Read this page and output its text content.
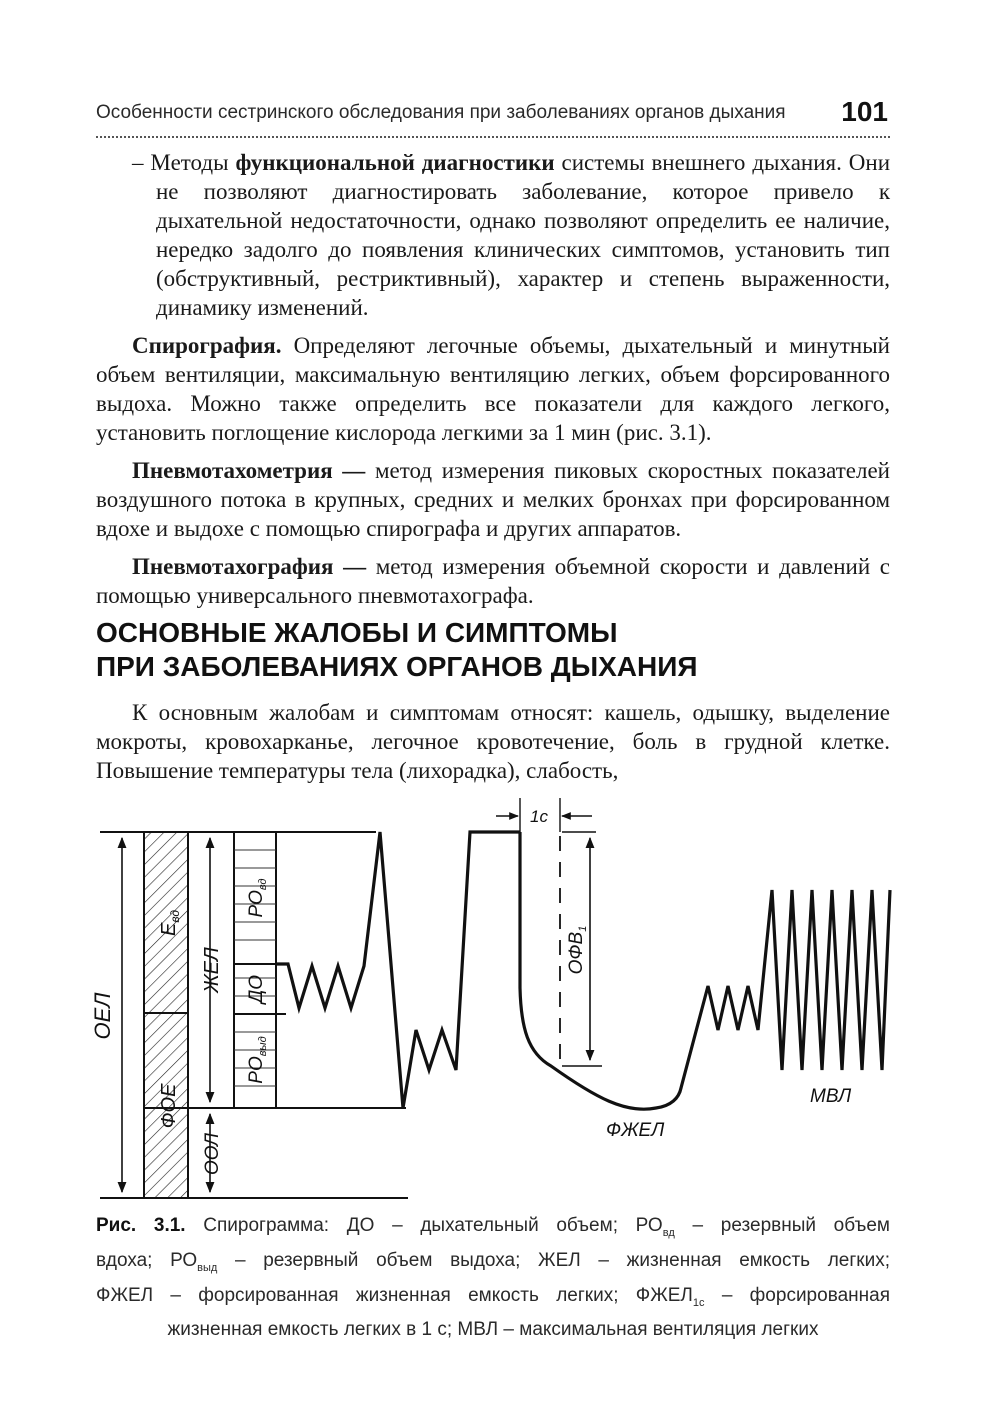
Особенности сестринского обследования при заболеваниях органов дыхания 101

– Методы функциональной диагностики системы внешнего дыхания. Они не позволяют диагностировать заболевание, которое привело к дыхательной недостаточности, однако позволяют определить ее наличие, нередко задолго до появления клинических симптомов, установить тип (обструктивный, рестриктивный), характер и степень выраженности, динамику изменений.

Спирография. Определяют легочные объемы, дыхательный и минутный объем вентиляции, максимальную вентиляцию легких, объем форсированного выдоха. Можно также определить все показатели для каждого легкого, установить поглощение кислорода легкими за 1 мин (рис. 3.1).

Пневмотахометрия — метод измерения пиковых скоростных показателей воздушного потока в крупных, средних и мелких бронхах при форсированном вдохе и выдохе с помощью спирографа и других аппаратов.

Пневмотахография — метод измерения объемной скорости и давлений с помощью универсального пневмотахографа.

ОСНОВНЫЕ ЖАЛОБЫ И СИМПТОМЫ
ПРИ ЗАБОЛЕВАНИЯХ ОРГАНОВ ДЫХАНИЯ

К основным жалобам и симптомам относят: кашель, одышку, выделение мокроты, кровохарканье, легочное кровотечение, боль в грудной клетке. Повышение температуры тела (лихорадка), слабость,

ОЕЛ
$Е_{вд}$
ФОЕ
ЖЕЛ
ООЛ
$РО_{вд}$
ДО
$РО_{выд}$
1с
$ОФВ_1$
ФЖЕЛ
МВЛ

Рис. 3.1. Спирограмма: ДО – дыхательный объем; $РО_{вд}$ – резервный объем
вдоха; $РО_{выд}$ – резервный объем выдоха; ЖЕЛ – жизненная емкость легких;
ФЖЕЛ – форсированная жизненная емкость легких; $ФЖЕЛ_{1с}$ – форсированная
жизненная емкость легких в 1 с; МВЛ – максимальная вентиляция легких
